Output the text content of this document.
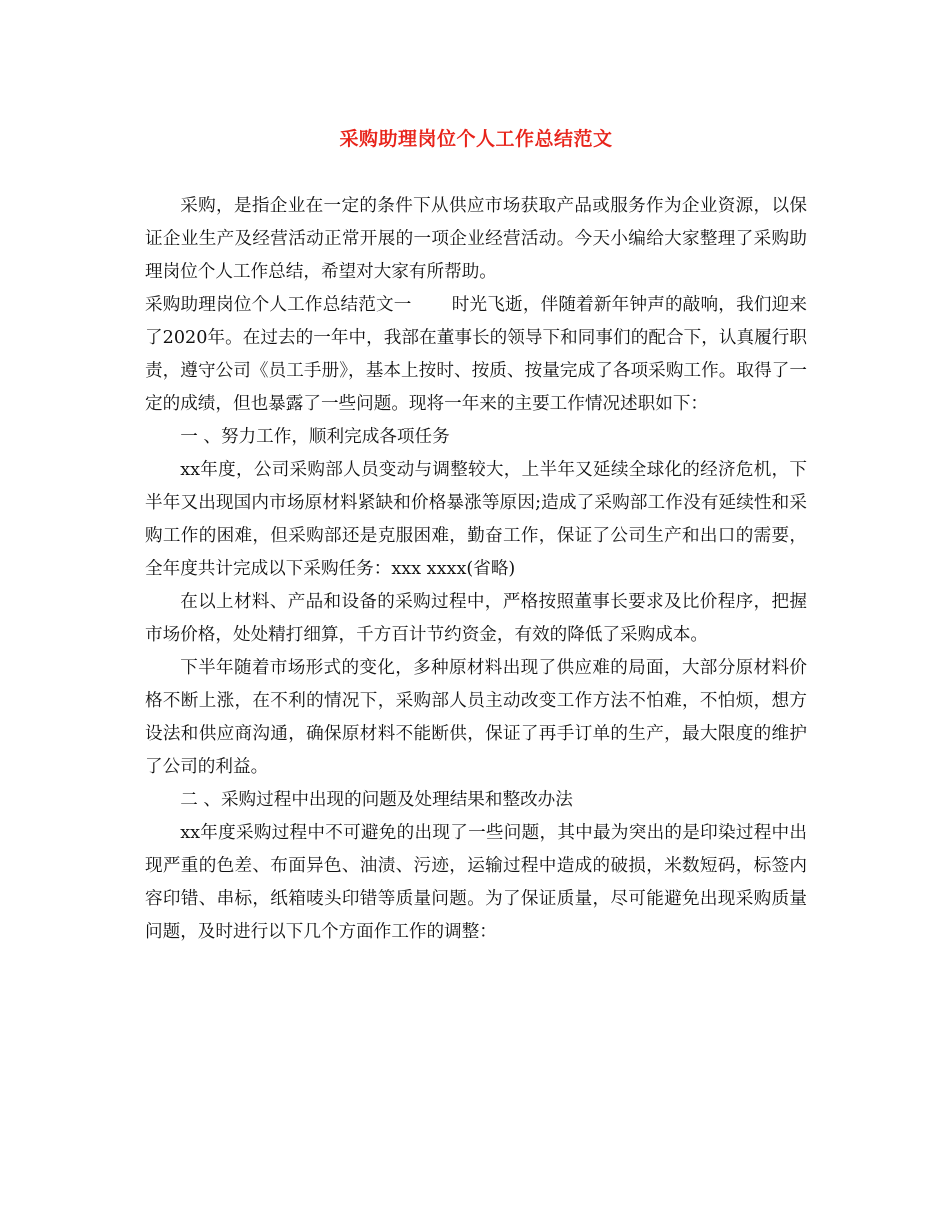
采购助理岗位个人工作总结范文

采购，是指企业在一定的条件下从供应市场获取产品或服务作为企业资源，以保证企业生产及经营活动正常开展的一项企业经营活动。今天小编给大家整理了采购助理岗位个人工作总结，希望对大家有所帮助。

采购助理岗位个人工作总结范文一 时光飞逝，伴随着新年钟声的敲响，我们迎来了2020年。在过去的一年中，我部在董事长的领导下和同事们的配合下，认真履行职责，遵守公司《员工手册》，基本上按时、按质、按量完成了各项采购工作。取得了一定的成绩，但也暴露了一些问题。现将一年来的主要工作情况述职如下：

一 、努力工作，顺利完成各项任务

xx年度，公司采购部人员变动与调整较大，上半年又延续全球化的经济危机，下半年又出现国内市场原材料紧缺和价格暴涨等原因;造成了采购部工作没有延续性和采购工作的困难，但采购部还是克服困难，勤奋工作，保证了公司生产和出口的需要，全年度共计完成以下采购任务：xxx xxxx(省略)

在以上材料、产品和设备的采购过程中，严格按照董事长要求及比价程序，把握市场价格，处处精打细算，千方百计节约资金，有效的降低了采购成本。

下半年随着市场形式的变化，多种原材料出现了供应难的局面，大部分原材料价格不断上涨，在不利的情况下，采购部人员主动改变工作方法不怕难，不怕烦，想方设法和供应商沟通，确保原材料不能断供，保证了再手订单的生产，最大限度的维护了公司的利益。

二 、采购过程中出现的问题及处理结果和整改办法

xx年度采购过程中不可避免的出现了一些问题，其中最为突出的是印染过程中出现严重的色差、布面异色、油渍、污迹，运输过程中造成的破损，米数短码，标签内容印错、串标，纸箱唛头印错等质量问题。为了保证质量，尽可能避免出现采购质量问题，及时进行以下几个方面作工作的调整：
